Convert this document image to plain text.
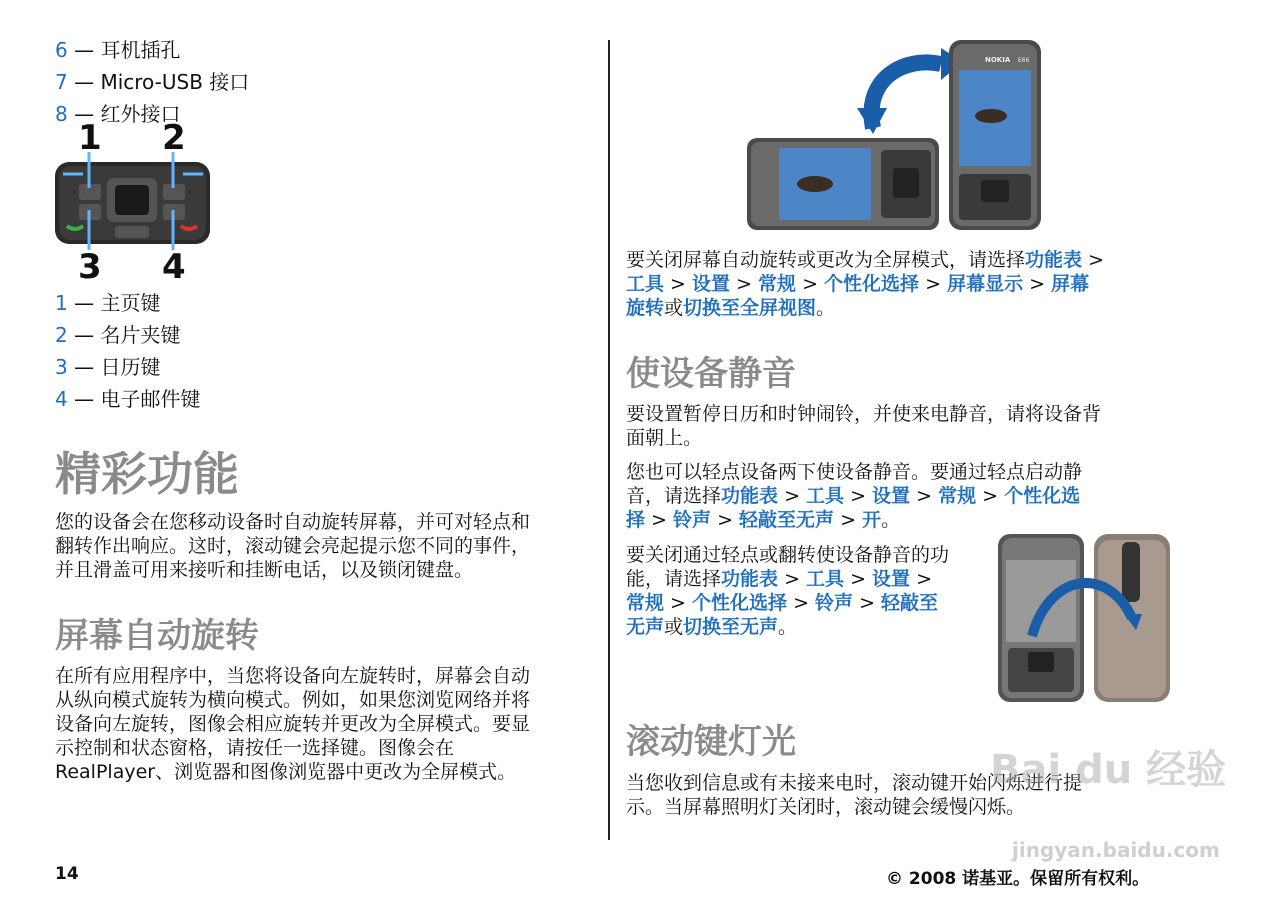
6 — 耳机插孔
7 — Micro-USB 接口
8 — 红外接口
1 2
3 4
1 — 主页键
2 — 名片夹键
3 — 日历键
4 — 电子邮件键
精彩功能
您的设备会在您移动设备时自动旋转屏幕，并可对轻点和
翻转作出响应。这时，滚动键会亮起提示您不同的事件，
并且滑盖可用来接听和挂断电话，以及锁闭键盘。
屏幕自动旋转
在所有应用程序中，当您将设备向左旋转时，屏幕会自动
从纵向模式旋转为横向模式。例如，如果您浏览网络并将
设备向左旋转，图像会相应旋转并更改为全屏模式。要显
示控制和状态窗格，请按任一选择键。图像会在
RealPlayer、浏览器和图像浏览器中更改为全屏模式。
NOKIA E66
要关闭屏幕自动旋转或更改为全屏模式，请选择功能表 >
工具 > 设置 > 常规 > 个性化选择 > 屏幕显示 > 屏幕
旋转或切换至全屏视图。
使设备静音
要设置暂停日历和时钟闹铃，并使来电静音，请将设备背
面朝上。
您也可以轻点设备两下使设备静音。要通过轻点启动静
音，请选择功能表 > 工具 > 设置 > 常规 > 个性化选
择 > 铃声 > 轻敲至无声 > 开。
要关闭通过轻点或翻转使设备静音的功
能，请选择功能表 > 工具 > 设置 >
常规 > 个性化选择 > 铃声 > 轻敲至
无声或切换至无声。
滚动键灯光
当您收到信息或有未接来电时，滚动键开始闪烁进行提
示。当屏幕照明灯关闭时，滚动键会缓慢闪烁。
Bai du 经验
jingyan.baidu.com
14	© 2008 诺基亚。保留所有权利。
